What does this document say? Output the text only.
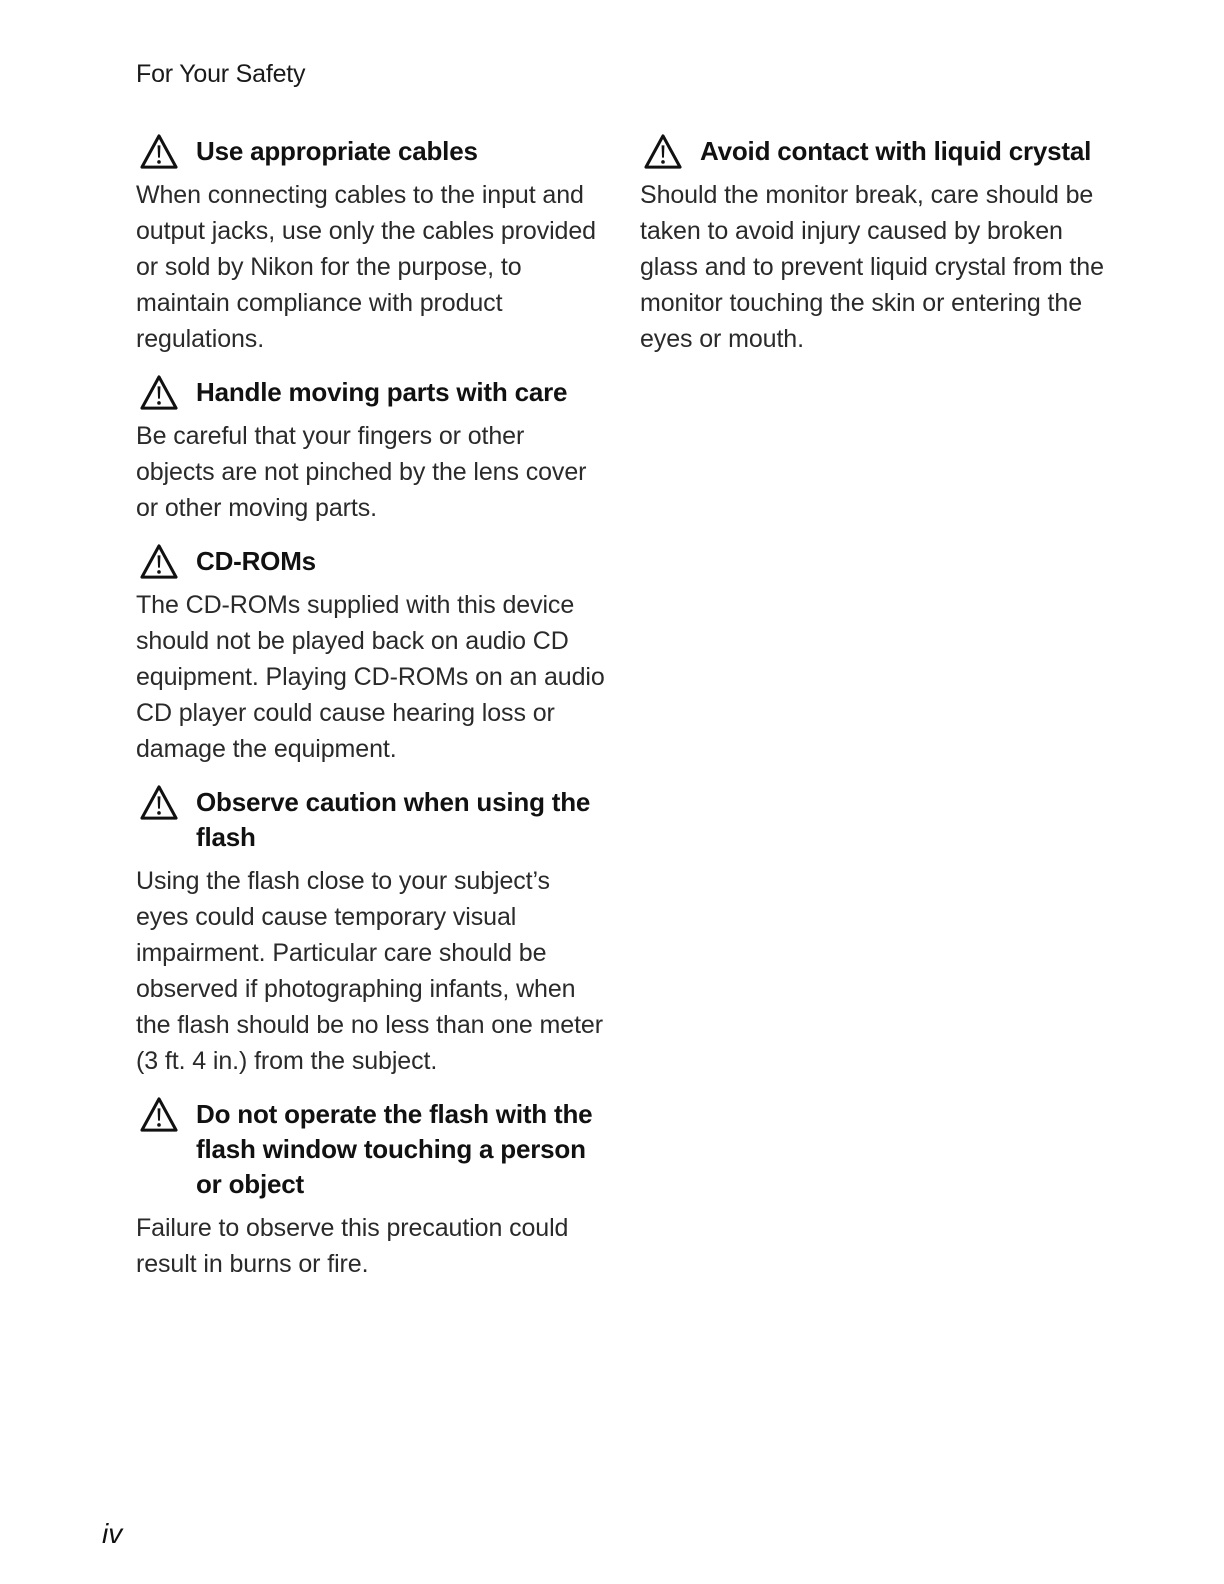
For Your Safety
Use appropriate cables
When connecting cables to the input and output jacks, use only the cables provided or sold by Nikon for the purpose, to maintain compliance with product regulations.
Handle moving parts with care
Be careful that your fingers or other objects are not pinched by the lens cover or other moving parts.
CD-ROMs
The CD-ROMs supplied with this device should not be played back on audio CD equipment. Playing CD-ROMs on an audio CD player could cause hearing loss or damage the equipment.
Observe caution when using the flash
Using the flash close to your subject’s eyes could cause temporary visual impairment. Particular care should be observed if photographing infants, when the flash should be no less than one meter (3 ft. 4 in.) from the subject.
Do not operate the flash with the flash window touching a person or object
Failure to observe this precaution could result in burns or fire.
Avoid contact with liquid crystal
Should the monitor break, care should be taken to avoid injury caused by broken glass and to prevent liquid crystal from the monitor touching the skin or entering the eyes or mouth.
iv
